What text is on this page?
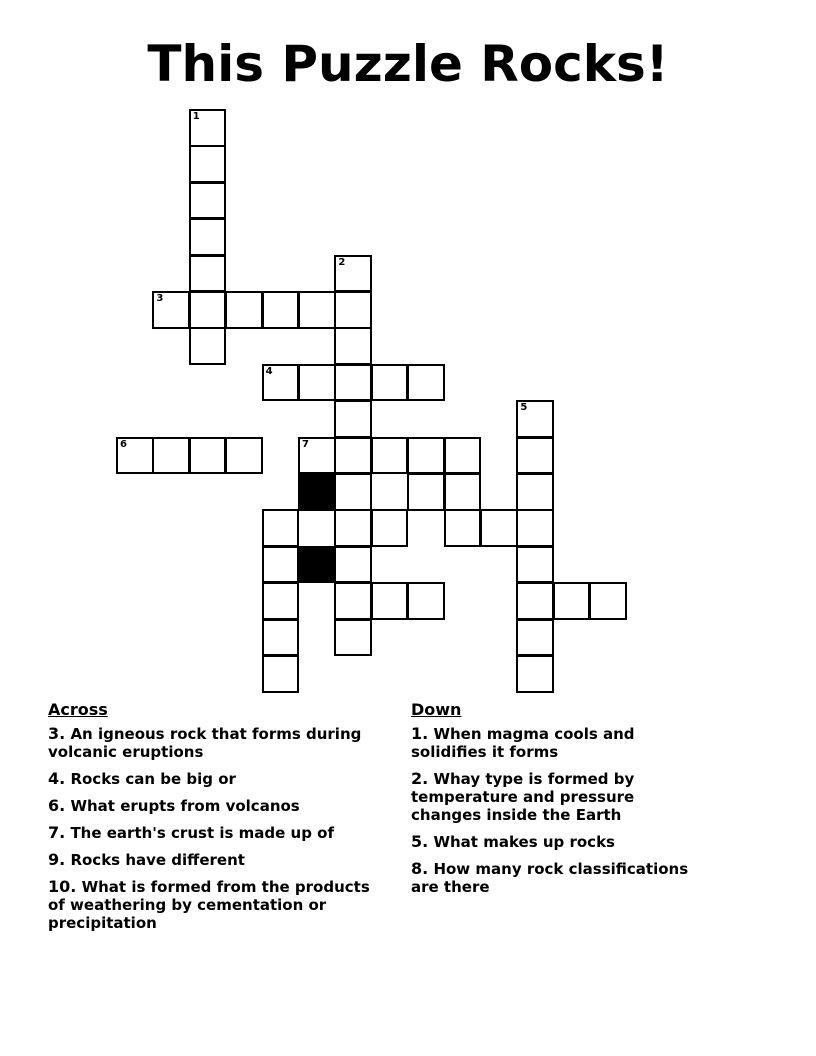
This Puzzle Rocks!
1
3
2
4
6	7
5
Across
3. An igneous rock that forms during volcanic eruptions
4. Rocks can be big or
6. What erupts from volcanos
7. The earth's crust is made up of
9. Rocks have different
10. What is formed from the products of weathering by cementation or precipitation
Down
1. When magma cools and solidifies it forms
2. Whay type is formed by temperature and pressure changes inside the Earth
5. What makes up rocks
8. How many rock classifications are there
